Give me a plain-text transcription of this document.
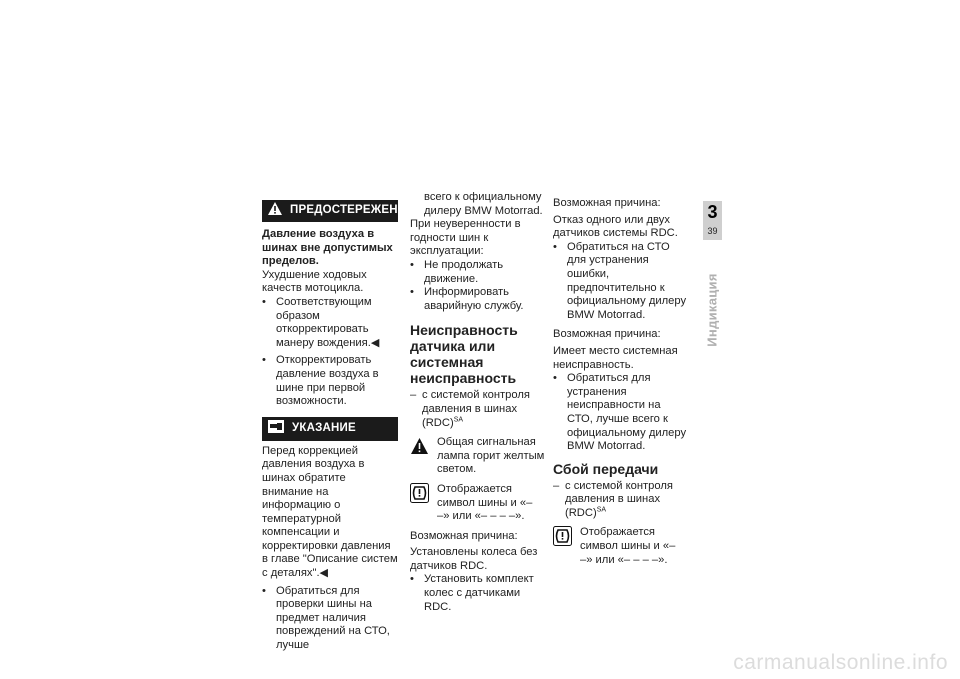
ПРЕДОСТЕРЕЖЕНИЕ

Давление воздуха в шинах вне допустимых пределов.

Ухудшение ходовых качеств мотоцикла.

• Соответствующим образом откорректировать манеру вождения.◀

• Откорректировать давление воздуха в шине при первой возможности.

УКАЗАНИЕ

Перед коррекцией давления воздуха в шинах обратите внимание на информацию о температурной компенсации и корректировки давления в главе "Описание систем с деталях".◀

• Обратиться для проверки шины на предмет наличия повреждений на СТО, лучше

всего к официальному дилеру BMW Motorrad.

При неуверенности в годности шин к эксплуатации:

• Не продолжать движение.

• Информировать аварийную службу.

Неисправность датчика или системная неисправность

– с системой контроля давления в шинах (RDC)$^{SA}$

Общая сигнальная лампа горит желтым светом.
Отображается символ шины и «– –» или «– – – –».

Возможная причина:

Установлены колеса без датчиков RDC.

• Установить комплект колес с датчиками RDC.

Возможная причина:

Отказ одного или двух датчиков системы RDC.

• Обратиться на СТО для устранения ошибки, предпочтительно к официальному дилеру BMW Motorrad.

Возможная причина:

Имеет место системная неисправность.

• Обратиться для устранения неисправности на СТО, лучше всего к официальному дилеру BMW Motorrad.

Сбой передачи

– с системой контроля давления в шинах (RDC)$^{SA}$

Отображается символ шины и «– –» или «– – – –».
3
39
Индикация
carmanualsonline.info
